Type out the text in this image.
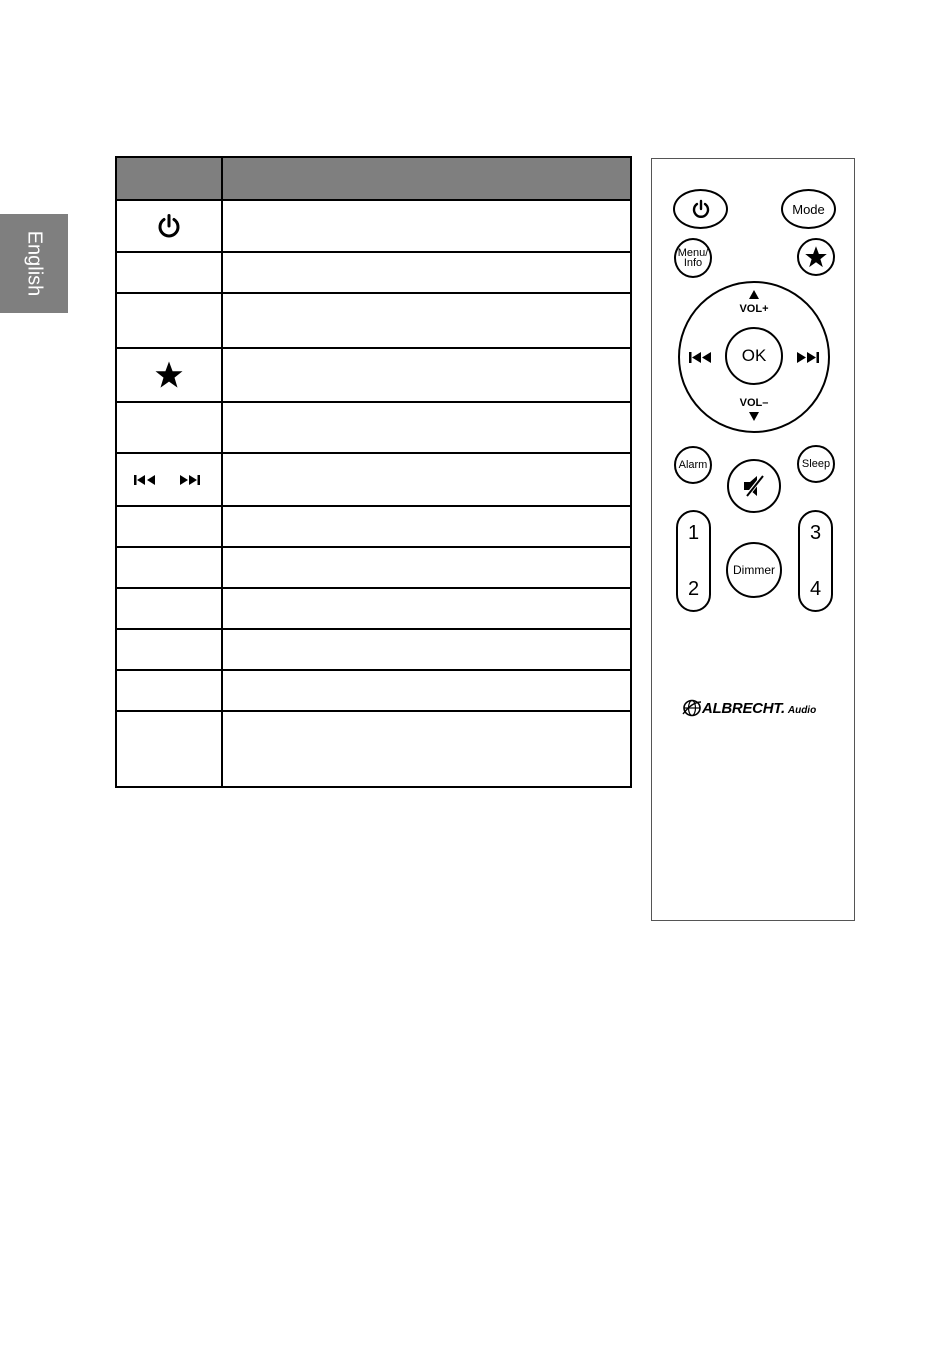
English

Mode
Menu/
Info
VOL+
VOL–
OK
Alarm	Sleep
1
2
Dimmer
3
4
ALBRECHT. Audio
